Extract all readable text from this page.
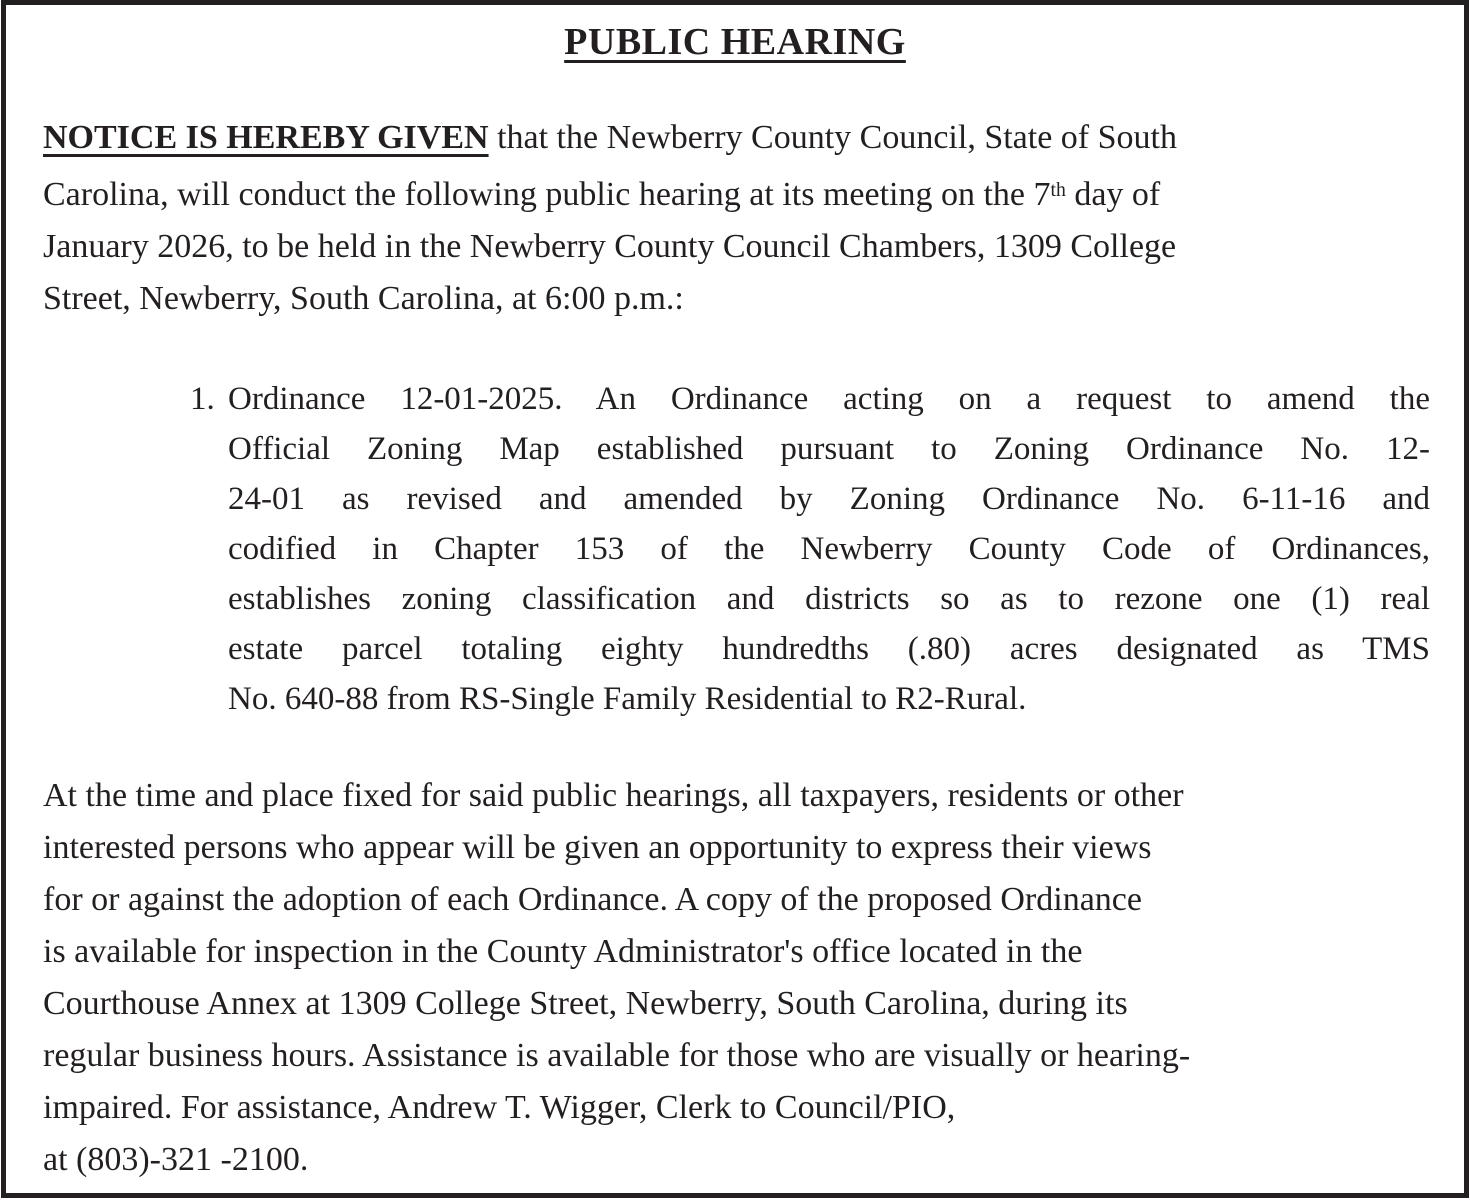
PUBLIC HEARING
NOTICE IS HEREBY GIVEN that the Newberry County Council, State of South
Carolina, will conduct the following public hearing at its meeting on the 7th day of
January 2026, to be held in the Newberry County Council Chambers, 1309 College
Street, Newberry, South Carolina, at 6:00 p.m.:
1. Ordinance 12-01-2025. An Ordinance acting on a request to amend the
Official Zoning Map established pursuant to Zoning Ordinance No. 12-
24-01 as revised and amended by Zoning Ordinance No. 6-11-16 and
codified in Chapter 153 of the Newberry County Code of Ordinances,
establishes zoning classification and districts so as to rezone one (1) real
estate parcel totaling eighty hundredths (.80) acres designated as TMS
No. 640-88 from RS-Single Family Residential to R2-Rural.
At the time and place fixed for said public hearings, all taxpayers, residents or other
interested persons who appear will be given an opportunity to express their views
for or against the adoption of each Ordinance. A copy of the proposed Ordinance
is available for inspection in the County Administrator's office located in the
Courthouse Annex at 1309 College Street, Newberry, South Carolina, during its
regular business hours. Assistance is available for those who are visually or hearing-
impaired. For assistance, Andrew T. Wigger, Clerk to Council/PIO,
at (803)-321 -2100.
